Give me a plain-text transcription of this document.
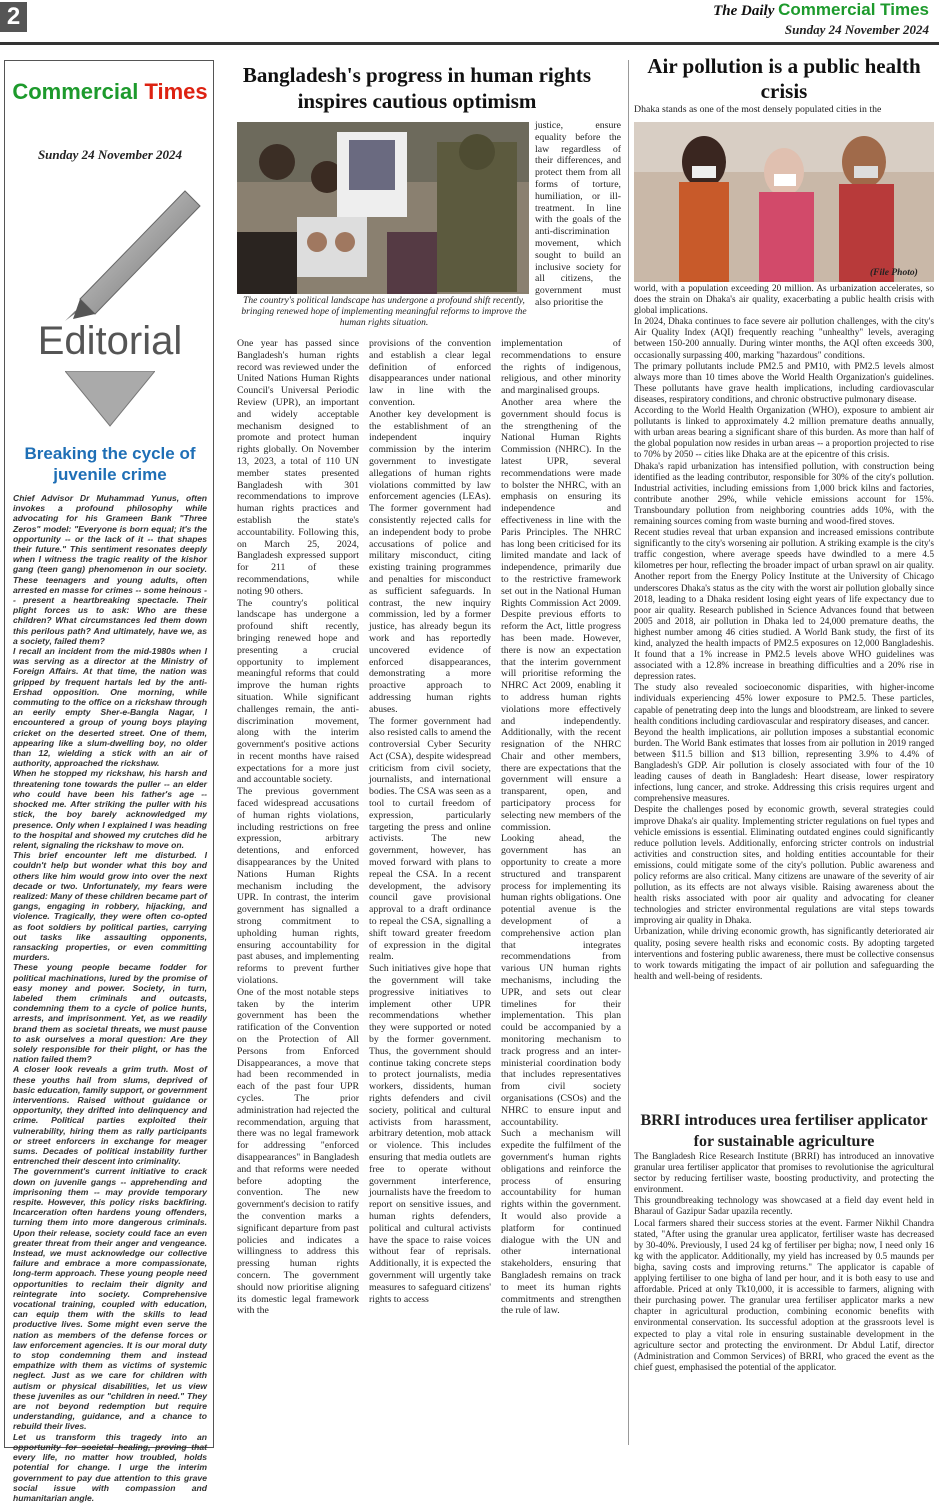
2	The Daily Commercial Times
Sunday 24 November 2024
Commercial Times
Sunday 24 November 2024
Editorial
Breaking the cycle of juvenile crime

Chief Advisor Dr Muhammad Yunus, often invokes a profound philosophy while advocating for his Grameen Bank "Three Zeros" model: "Everyone is born equal; it's the opportunity -- or the lack of it -- that shapes their future." This sentiment resonates deeply when I witness the tragic reality of the kishor gang (teen gang) phenomenon in our society. These teenagers and young adults, often arrested en masse for crimes -- some heinous -- present a heartbreaking spectacle. Their plight forces us to ask: Who are these children? What circumstances led them down this perilous path? And ultimately, have we, as a society, failed them?

I recall an incident from the mid-1980s when I was serving as a director at the Ministry of Foreign Affairs. At that time, the nation was gripped by frequent hartals led by the anti-Ershad opposition. One morning, while commuting to the office on a rickshaw through an eerily empty Sher-e-Bangla Nagar, I encountered a group of young boys playing cricket on the deserted street. One of them, appearing like a slum-dwelling boy, no older than 12, wielding a stick with an air of authority, approached the rickshaw.

When he stopped my rickshaw, his harsh and threatening tone towards the puller -- an elder who could have been his father's age -- shocked me. After striking the puller with his stick, the boy barely acknowledged my presence. Only when I explained I was heading to the hospital and showed my crutches did he relent, signaling the rickshaw to move on.

This brief encounter left me disturbed. I couldn't help but wonder what this boy and others like him would grow into over the next decade or two. Unfortunately, my fears were realized: Many of these children became part of gangs, engaging in robbery, hijacking, and violence. Tragically, they were often co-opted as foot soldiers by political parties, carrying out tasks like assaulting opponents, ransacking properties, or even committing murders.

These young people became fodder for political machinations, lured by the promise of easy money and power. Society, in turn, labeled them criminals and outcasts, condemning them to a cycle of police hunts, arrests, and imprisonment. Yet, as we readily brand them as societal threats, we must pause to ask ourselves a moral question: Are they solely responsible for their plight, or has the nation failed them?

A closer look reveals a grim truth. Most of these youths hail from slums, deprived of basic education, family support, or government interventions. Raised without guidance or opportunity, they drifted into delinquency and crime. Political parties exploited their vulnerability, hiring them as rally participants or street enforcers in exchange for meager sums. Decades of political instability further entrenched their descent into criminality.

The government's current initiative to crack down on juvenile gangs -- apprehending and imprisoning them -- may provide temporary respite. However, this policy risks backfiring. Incarceration often hardens young offenders, turning them into more dangerous criminals. Upon their release, society could face an even greater threat from their anger and vengeance. Instead, we must acknowledge our collective failure and embrace a more compassionate, long-term approach. These young people need opportunities to reclaim their dignity and reintegrate into society. Comprehensive vocational training, coupled with education, can equip them with the skills to lead productive lives. Some might even serve the nation as members of the defense forces or law enforcement agencies. It is our moral duty to stop condemning them and instead empathize with them as victims of systemic neglect. Just as we care for children with autism or physical disabilities, let us view these juveniles as our "children in need." They are not beyond redemption but require understanding, guidance, and a chance to rebuild their lives.

Let us transform this tragedy into an opportunity for societal healing, proving that every life, no matter how troubled, holds potential for change. I urge the interim government to pay due attention to this grave social issue with compassion and humanitarian angle.

Bangladesh's progress in human rights inspires cautious optimism
The country's political landscape has undergone a profound shift recently, bringing renewed hope of implementing meaningful reforms to improve the human rights situation.
justice, ensure equality before the law regardless of their differences, and protect them from all forms of torture, humiliation, or ill-treatment. In line with the goals of the anti-discrimination movement, which sought to build an inclusive society for all citizens, the government must also prioritise the

One year has passed since Bangladesh's human rights record was reviewed under the United Nations Human Rights Council's Universal Periodic Review (UPR), an important and widely acceptable mechanism designed to promote and protect human rights globally. On November 13, 2023, a total of 110 UN member states presented Bangladesh with 301 recommendations to improve human rights practices and establish the state's accountability. Following this, on March 25, 2024, Bangladesh expressed support for 211 of these recommendations, while noting 90 others.

The country's political landscape has undergone a profound shift recently, bringing renewed hope and presenting a crucial opportunity to implement meaningful reforms that could improve the human rights situation. While significant challenges remain, the anti-discrimination movement, along with the interim government's positive actions in recent months have raised expectations for a more just and accountable society.

The previous government faced widespread accusations of human rights violations, including restrictions on free expression, arbitrary detentions, and enforced disappearances by the United Nations Human Rights mechanism including the UPR. In contrast, the interim government has signalled a strong commitment to upholding human rights, ensuring accountability for past abuses, and implementing reforms to prevent further violations.

One of the most notable steps taken by the interim government has been the ratification of the Convention on the Protection of All Persons from Enforced Disappearances, a move that had been recommended in each of the past four UPR cycles. The prior administration had rejected the recommendation, arguing that there was no legal framework for addressing "enforced disappearances" in Bangladesh and that reforms were needed before adopting the convention. The new government's decision to ratify the convention marks a significant departure from past policies and indicates a willingness to address this pressing human rights concern. The government should now prioritise aligning its domestic legal framework with the

provisions of the convention and establish a clear legal definition of enforced disappearances under national law in line with the convention.

Another key development is the establishment of an independent inquiry commission by the interim government to investigate allegations of human rights violations committed by law enforcement agencies (LEAs). The former government had consistently rejected calls for an independent body to probe accusations of police and military misconduct, citing existing training programmes and penalties for misconduct as sufficient safeguards. In contrast, the new inquiry commission, led by a former justice, has already begun its work and has reportedly uncovered evidence of enforced disappearances, demonstrating a more proactive approach to addressing human rights abuses.

The former government had also resisted calls to amend the controversial Cyber Security Act (CSA), despite widespread criticism from civil society, journalists, and international bodies. The CSA was seen as a tool to curtail freedom of expression, particularly targeting the press and online activists. The new government, however, has moved forward with plans to repeal the CSA. In a recent development, the advisory council gave provisional approval to a draft ordinance to repeal the CSA, signalling a shift toward greater freedom of expression in the digital realm.

Such initiatives give hope that the government will take progressive initiatives to implement other UPR recommendations whether they were supported or noted by the former government. Thus, the government should continue taking concrete steps to protect journalists, media workers, dissidents, human rights defenders and civil society, political and cultural activists from harassment, arbitrary detention, mob attack or violence. This includes ensuring that media outlets are free to operate without government interference, journalists have the freedom to report on sensitive issues, and human rights defenders, political and cultural activists have the space to raise voices without fear of reprisals. Additionally, it is expected the government will urgently take measures to safeguard citizens' rights to access

implementation of recommendations to ensure the rights of indigenous, religious, and other minority and marginalised groups.

Another area where the government should focus is the strengthening of the National Human Rights Commission (NHRC). In the latest UPR, several recommendations were made to bolster the NHRC, with an emphasis on ensuring its independence and effectiveness in line with the Paris Principles. The NHRC has long been criticised for its limited mandate and lack of independence, primarily due to the restrictive framework set out in the National Human Rights Commission Act 2009. Despite previous efforts to reform the Act, little progress has been made. However, there is now an expectation that the interim government will prioritise reforming the NHRC Act 2009, enabling it to address human rights violations more effectively and independently. Additionally, with the recent resignation of the NHRC Chair and other members, there are expectations that the government will ensure a transparent, open, and participatory process for selecting new members of the commission.

Looking ahead, the government has an opportunity to create a more structured and transparent process for implementing its human rights obligations. One potential avenue is the development of a comprehensive action plan that integrates recommendations from various UN human rights mechanisms, including the UPR, and sets out clear timelines for their implementation. This plan could be accompanied by a monitoring mechanism to track progress and an inter-ministerial coordination body that includes representatives from civil society organisations (CSOs) and the NHRC to ensure input and accountability.

Such a mechanism will expedite the fulfilment of the government's human rights obligations and reinforce the process of ensuring accountability for human rights within the government. It would also provide a platform for continued dialogue with the UN and other international stakeholders, ensuring that Bangladesh remains on track to meet its human rights commitments and strengthen the rule of law.

Air pollution is a public health crisis
Dhaka stands as one of the most densely populated cities in the
(File Photo)

world, with a population exceeding 20 million. As urbanization accelerates, so does the strain on Dhaka's air quality, exacerbating a public health crisis with global implications.

In 2024, Dhaka continues to face severe air pollution challenges, with the city's Air Quality Index (AQI) frequently reaching "unhealthy" levels, averaging between 150-200 annually. During winter months, the AQI often exceeds 300, occasionally surpassing 400, marking "hazardous" conditions.

The primary pollutants include PM2.5 and PM10, with PM2.5 levels almost always more than 10 times above the World Health Organization's guidelines. These pollutants have grave health implications, including cardiovascular diseases, respiratory conditions, and chronic obstructive pulmonary disease.

According to the World Health Organization (WHO), exposure to ambient air pollutants is linked to approximately 4.2 million premature deaths annually, with urban areas bearing a significant share of this burden. As more than half of the global population now resides in urban areas -- a proportion projected to rise to 70% by 2050 -- cities like Dhaka are at the epicentre of this crisis.

Dhaka's rapid urbanization has intensified pollution, with construction being identified as the leading contributor, responsible for 30% of the city's pollution. Industrial activities, including emissions from 1,000 brick kilns and factories, contribute another 29%, while vehicle emissions account for 15%. Transboundary pollution from neighboring countries adds 10%, with the remaining sources coming from waste burning and wood-fired stoves.

Recent studies reveal that urban expansion and increased emissions contribute significantly to the city's worsening air pollution. A striking example is the city's traffic congestion, where average speeds have dwindled to a mere 4.5 kilometres per hour, reflecting the broader impact of urban sprawl on air quality. Another report from the Energy Policy Institute at the University of Chicago underscores Dhaka's status as the city with the worst air pollution globally since 2018, leading to a Dhaka resident losing eight years of life expectancy due to poor air quality. Research published in Science Advances found that between 2005 and 2018, air pollution in Dhaka led to 24,000 premature deaths, the highest number among 46 cities studied. A World Bank study, the first of its kind, analyzed the health impacts of PM2.5 exposures on 12,000 Bangladeshis. It found that a 1% increase in PM2.5 levels above WHO guidelines was associated with a 12.8% increase in breathing difficulties and a 20% rise in depression rates.

The study also revealed socioeconomic disparities, with higher-income individuals experiencing 45% lower exposure to PM2.5. These particles, capable of penetrating deep into the lungs and bloodstream, are linked to severe health conditions including cardiovascular and respiratory diseases, and cancer.

Beyond the health implications, air pollution imposes a substantial economic burden. The World Bank estimates that losses from air pollution in 2019 ranged between $11.5 billion and $13 billion, representing 3.9% to 4.4% of Bangladesh's GDP. Air pollution is closely associated with four of the 10 leading causes of death in Bangladesh: Heart disease, lower respiratory infections, lung cancer, and stroke. Addressing this crisis requires urgent and comprehensive measures.

Despite the challenges posed by economic growth, several strategies could improve Dhaka's air quality. Implementing stricter regulations on fuel types and vehicle emissions is essential. Eliminating outdated engines could significantly reduce pollution levels. Additionally, enforcing stricter controls on industrial activities and construction sites, and holding entities accountable for their emissions, could mitigate some of the city's pollution. Public awareness and policy reforms are also critical. Many citizens are unaware of the severity of air pollution, as its effects are not always visible. Raising awareness about the health risks associated with poor air quality and advocating for cleaner technologies and stricter environmental regulations are vital steps towards improving air quality in Dhaka.

Urbanization, while driving economic growth, has significantly deteriorated air quality, posing severe health risks and economic costs. By adopting targeted interventions and fostering public awareness, there must be collective consensus to work towards mitigating the impact of air pollution and safeguarding the health and well-being of residents.

BRRI introduces urea fertiliser applicator for sustainable agriculture

The Bangladesh Rice Research Institute (BRRI) has introduced an innovative granular urea fertiliser applicator that promises to revolutionise the agricultural sector by reducing fertiliser waste, boosting productivity, and protecting the environment.

This groundbreaking technology was showcased at a field day event held in Bharaul of Gazipur Sadar upazila recently.

Local farmers shared their success stories at the event. Farmer Nikhil Chandra stated, "After using the granular urea applicator, fertiliser waste has decreased by 30-40%. Previously, I used 24 kg of fertiliser per bigha; now, I need only 16 kg with the applicator. Additionally, my yield has increased by 0.5 maunds per bigha, saving costs and improving returns." The applicator is capable of applying fertiliser to one bigha of land per hour, and it is both easy to use and affordable. Priced at only Tk10,000, it is accessible to farmers, aligning with their purchasing power. The granular urea fertiliser applicator marks a new chapter in agricultural production, combining economic benefits with environmental conservation. Its successful adoption at the grassroots level is expected to play a vital role in ensuring sustainable development in the agriculture sector and protecting the environment. Dr Abdul Latif, director (Administration and Common Services) of BRRI, who graced the event as the chief guest, emphasised the potential of the applicator.
